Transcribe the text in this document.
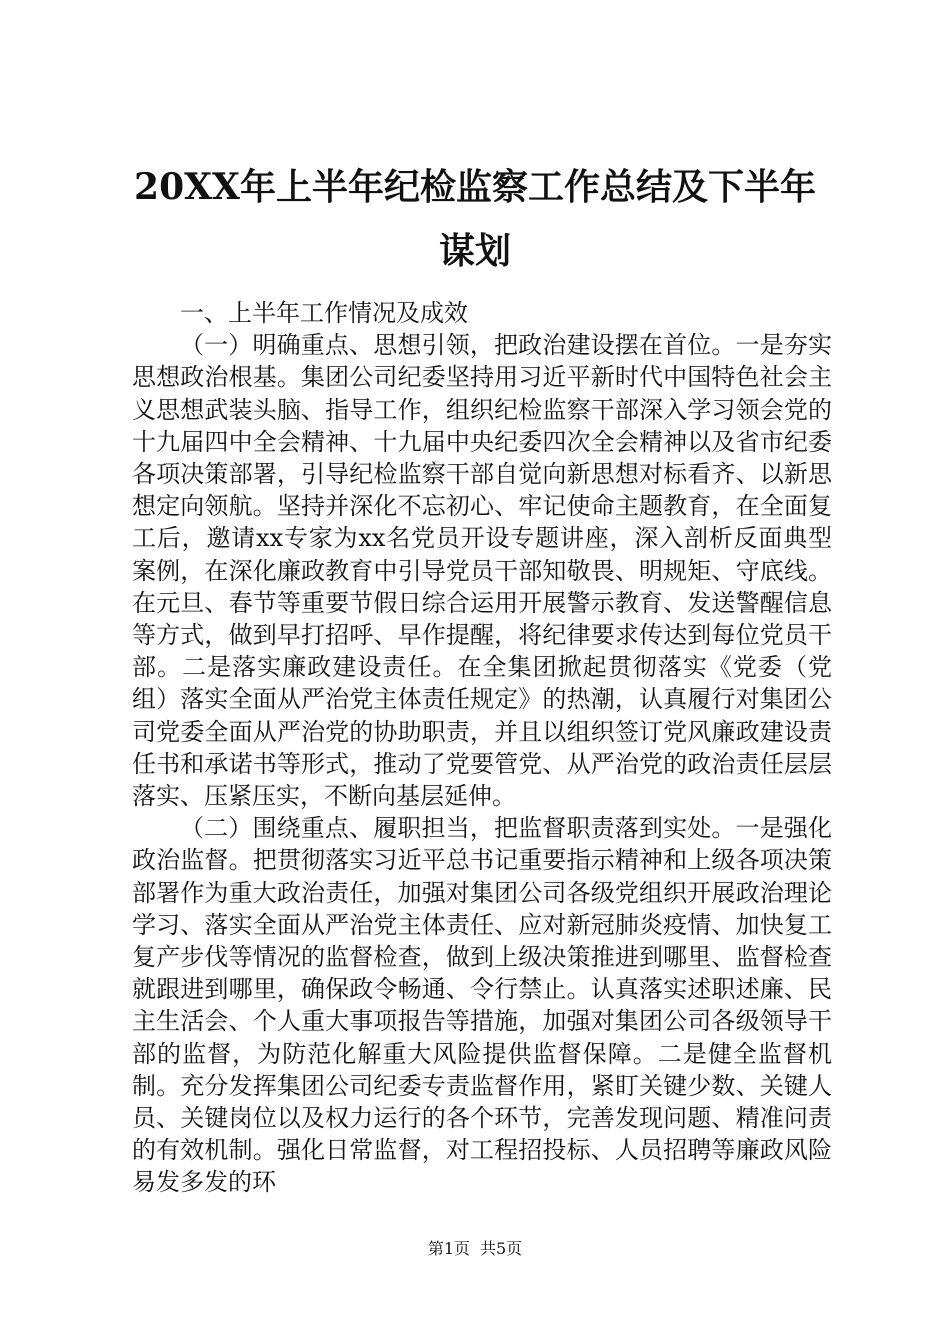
20XX年上半年纪检监察工作总结及下半年谋划

一、上半年工作情况及成效

（一）明确重点、思想引领，把政治建设摆在首位。一是夯实思想政治根基。集团公司纪委坚持用习近平新时代中国特色社会主义思想武装头脑、指导工作，组织纪检监察干部深入学习领会党的十九届四中全会精神、十九届中央纪委四次全会精神以及省市纪委各项决策部署，引导纪检监察干部自觉向新思想对标看齐、以新思想定向领航。坚持并深化不忘初心、牢记使命主题教育，在全面复工后，邀请xx专家为xx名党员开设专题讲座，深入剖析反面典型案例，在深化廉政教育中引导党员干部知敬畏、明规矩、守底线。在元旦、春节等重要节假日综合运用开展警示教育、发送警醒信息等方式，做到早打招呼、早作提醒，将纪律要求传达到每位党员干部。二是落实廉政建设责任。在全集团掀起贯彻落实《党委（党组）落实全面从严治党主体责任规定》的热潮，认真履行对集团公司党委全面从严治党的协助职责，并且以组织签订党风廉政建设责任书和承诺书等形式，推动了党要管党、从严治党的政治责任层层落实、压紧压实，不断向基层延伸。

（二）围绕重点、履职担当，把监督职责落到实处。一是强化政治监督。把贯彻落实习近平总书记重要指示精神和上级各项决策部署作为重大政治责任，加强对集团公司各级党组织开展政治理论学习、落实全面从严治党主体责任、应对新冠肺炎疫情、加快复工复产步伐等情况的监督检查，做到上级决策推进到哪里、监督检查就跟进到哪里，确保政令畅通、令行禁止。认真落实述职述廉、民主生活会、个人重大事项报告等措施，加强对集团公司各级领导干部的监督，为防范化解重大风险提供监督保障。二是健全监督机制。充分发挥集团公司纪委专责监督作用，紧盯关键少数、关键人员、关键岗位以及权力运行的各个环节，完善发现问题、精准问责的有效机制。强化日常监督，对工程招投标、人员招聘等廉政风险易发多发的环

第1页 共5页
